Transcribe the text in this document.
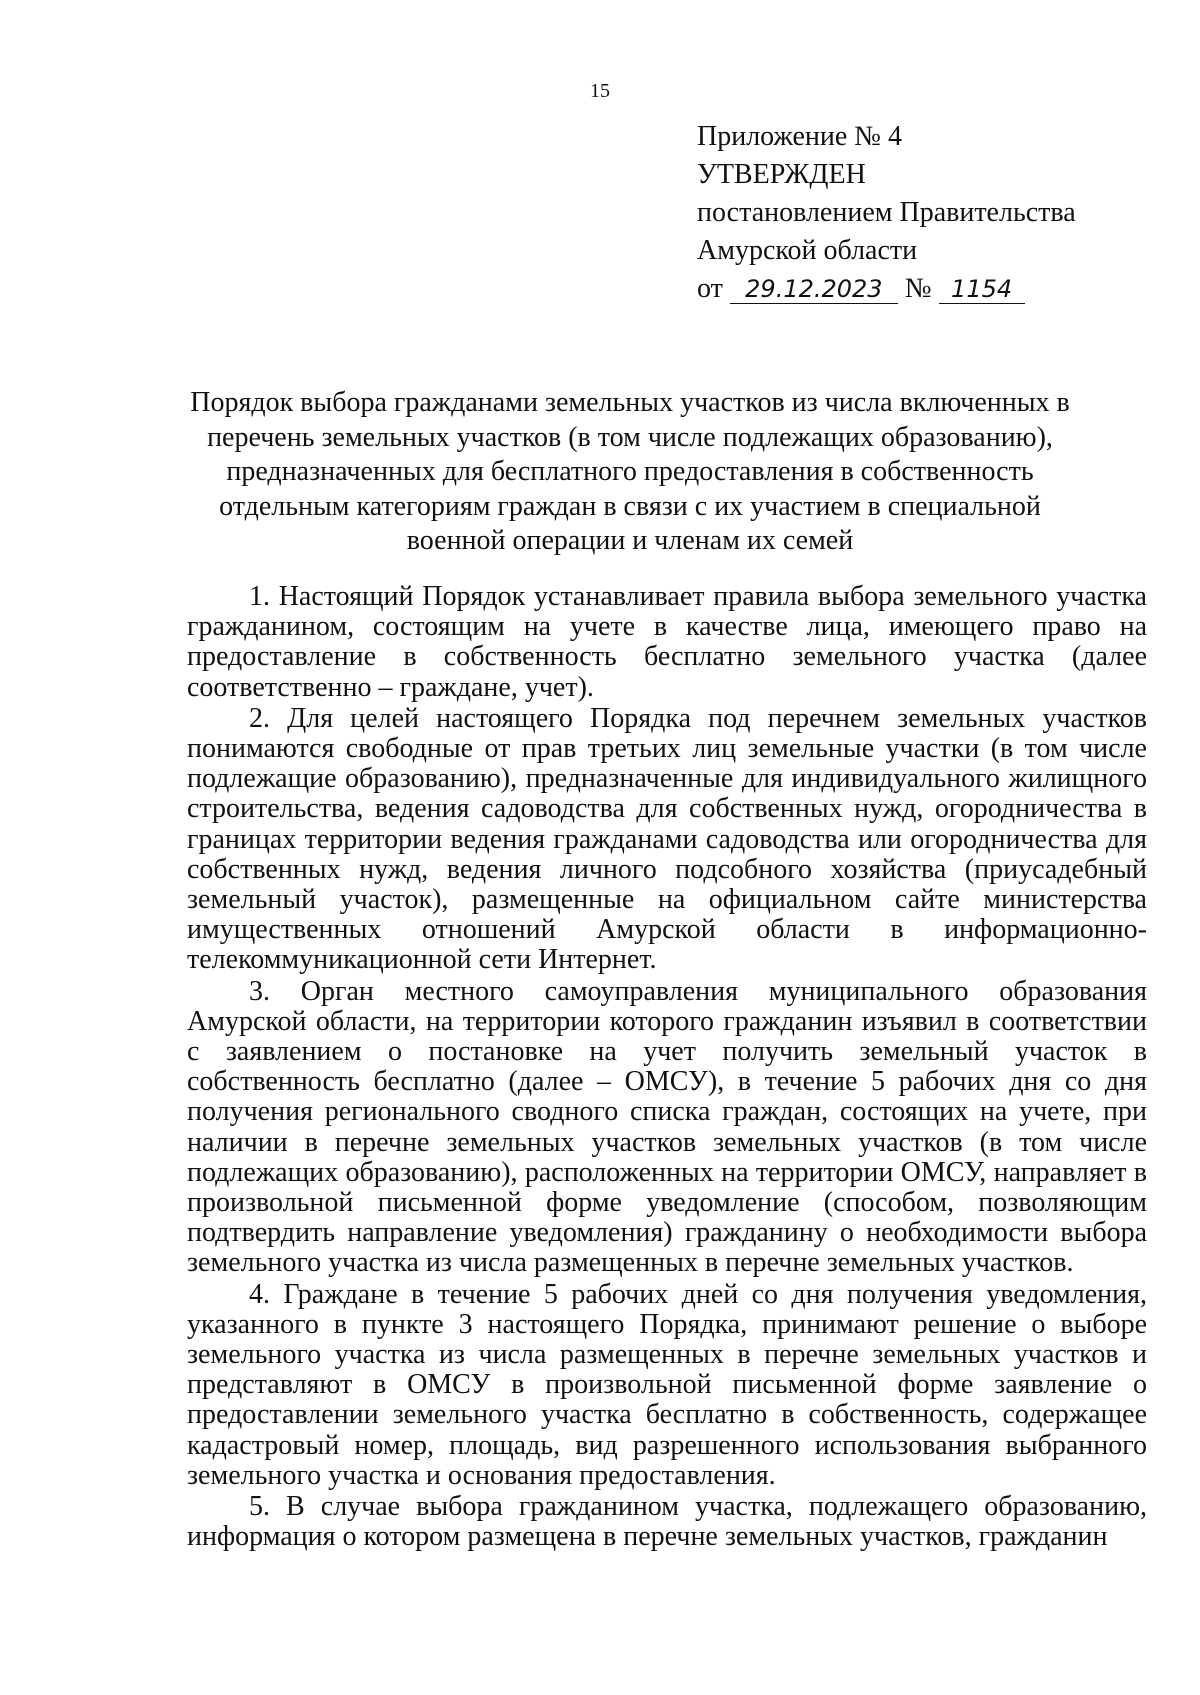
15
Приложение № 4
УТВЕРЖДЕН
постановлением Правительства
Амурской области
от 29.12.2023 № 1154
Порядок выбора гражданами земельных участков из числа включенных в перечень земельных участков (в том числе подлежащих образованию), предназначенных для бесплатного предоставления в собственность отдельным категориям граждан в связи с их участием в специальной военной операции и членам их семей

1. Настоящий Порядок устанавливает правила выбора земельного участка гражданином, состоящим на учете в качестве лица, имеющего право на предоставление в собственность бесплатно земельного участка (далее соответственно – граждане, учет).

2. Для целей настоящего Порядка под перечнем земельных участков понимаются свободные от прав третьих лиц земельные участки (в том числе подлежащие образованию), предназначенные для индивидуального жилищного строительства, ведения садоводства для собственных нужд, огородничества в границах территории ведения гражданами садоводства или огородничества для собственных нужд, ведения личного подсобного хозяйства (приусадебный земельный участок), размещенные на официальном сайте министерства имущественных отношений Амурской области в информационно-телекоммуникационной сети Интернет.

3. Орган местного самоуправления муниципального образования Амурской области, на территории которого гражданин изъявил в соответствии с заявлением о постановке на учет получить земельный участок в собственность бесплатно (далее – ОМСУ), в течение 5 рабочих дня со дня получения регионального сводного списка граждан, состоящих на учете, при наличии в перечне земельных участков земельных участков (в том числе подлежащих образованию), расположенных на территории ОМСУ, направляет в произвольной письменной форме уведомление (способом, позволяющим подтвердить направление уведомления) гражданину о необходимости выбора земельного участка из числа размещенных в перечне земельных участков.

4. Граждане в течение 5 рабочих дней со дня получения уведомления, указанного в пункте 3 настоящего Порядка, принимают решение о выборе земельного участка из числа размещенных в перечне земельных участков и представляют в ОМСУ в произвольной письменной форме заявление о предоставлении земельного участка бесплатно в собственность, содержащее кадастровый номер, площадь, вид разрешенного использования выбранного земельного участка и основания предоставления.

5. В случае выбора гражданином участка, подлежащего образованию, информация о котором размещена в перечне земельных участков, гражданин
